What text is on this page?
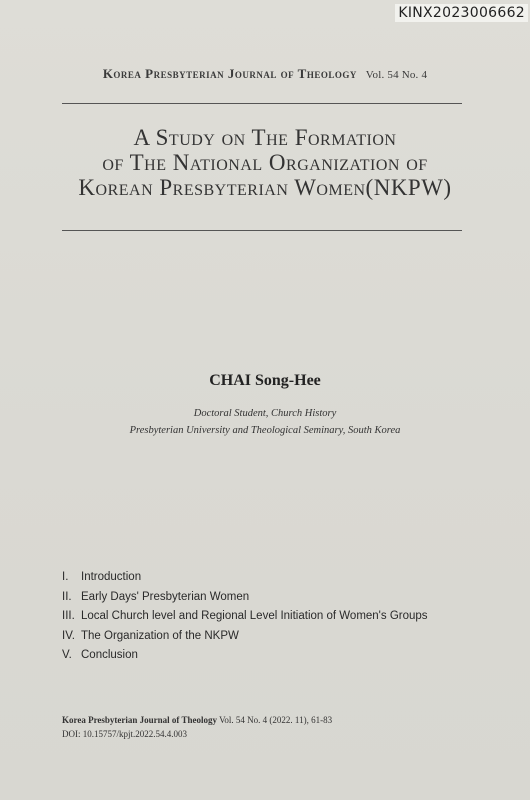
KINX2023006662
Korea Presbyterian Journal of Theology Vol. 54 No. 4
A Study on The Formation
of The National Organization of
Korean Presbyterian Women(NKPW)
CHAI Song-Hee
Doctoral Student, Church History
Presbyterian University and Theological Seminary, South Korea
I. Introduction
II. Early Days' Presbyterian Women
III. Local Church level and Regional Level Initiation of Women's Groups
IV. The Organization of the NKPW
V. Conclusion
Korea Presbyterian Journal of Theology Vol. 54 No. 4 (2022. 11), 61-83
DOI: 10.15757/kpjt.2022.54.4.003
